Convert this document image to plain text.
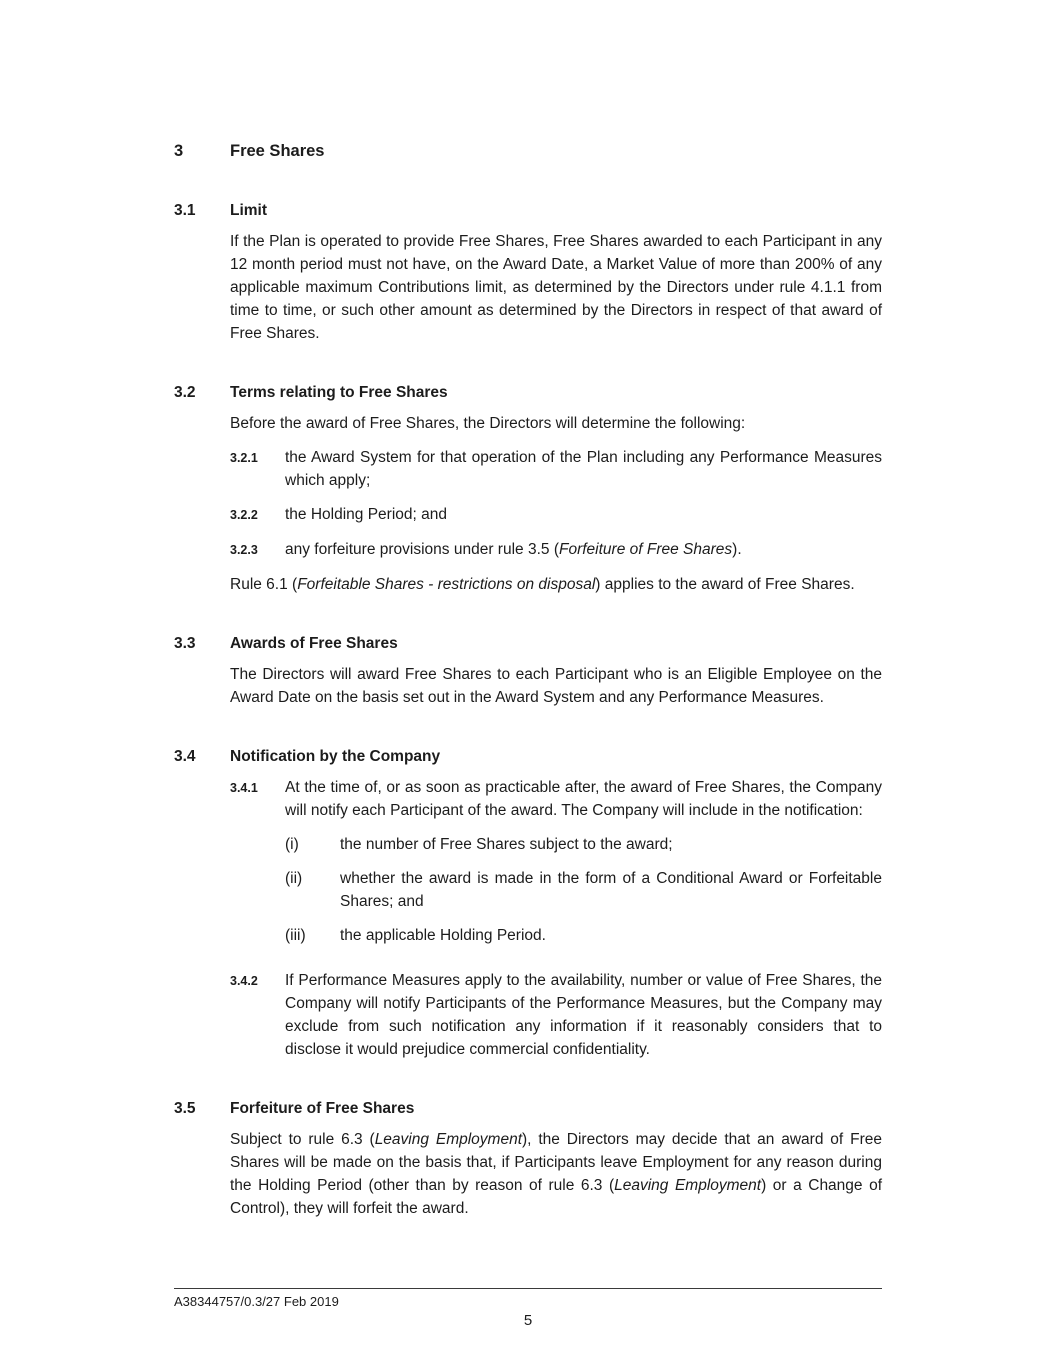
3	Free Shares
3.1	Limit

If the Plan is operated to provide Free Shares, Free Shares awarded to each Participant in any 12 month period must not have, on the Award Date, a Market Value of more than 200% of any applicable maximum Contributions limit, as determined by the Directors under rule 4.1.1 from time to time, or such other amount as determined by the Directors in respect of that award of Free Shares.

3.2	Terms relating to Free Shares

Before the award of Free Shares, the Directors will determine the following:

3.2.1	the Award System for that operation of the Plan including any Performance Measures which apply;

3.2.2	the Holding Period; and

3.2.3	any forfeiture provisions under rule 3.5 (Forfeiture of Free Shares).

Rule 6.1 (Forfeitable Shares - restrictions on disposal) applies to the award of Free Shares.

3.3	Awards of Free Shares

The Directors will award Free Shares to each Participant who is an Eligible Employee on the Award Date on the basis set out in the Award System and any Performance Measures.

3.4	Notification by the Company
3.4.1	At the time of, or as soon as practicable after, the award of Free Shares, the Company will notify each Participant of the award. The Company will include in the notification:

(i)	the number of Free Shares subject to the award;

(ii)	whether the award is made in the form of a Conditional Award or Forfeitable Shares; and

(iii)	the applicable Holding Period.

3.4.2	If Performance Measures apply to the availability, number or value of Free Shares, the Company will notify Participants of the Performance Measures, but the Company may exclude from such notification any information if it reasonably considers that to disclose it would prejudice commercial confidentiality.

3.5	Forfeiture of Free Shares

Subject to rule 6.3 (Leaving Employment), the Directors may decide that an award of Free Shares will be made on the basis that, if Participants leave Employment for any reason during the Holding Period (other than by reason of rule 6.3 (Leaving Employment) or a Change of Control), they will forfeit the award.

A38344757/0.3/27 Feb 2019
5
